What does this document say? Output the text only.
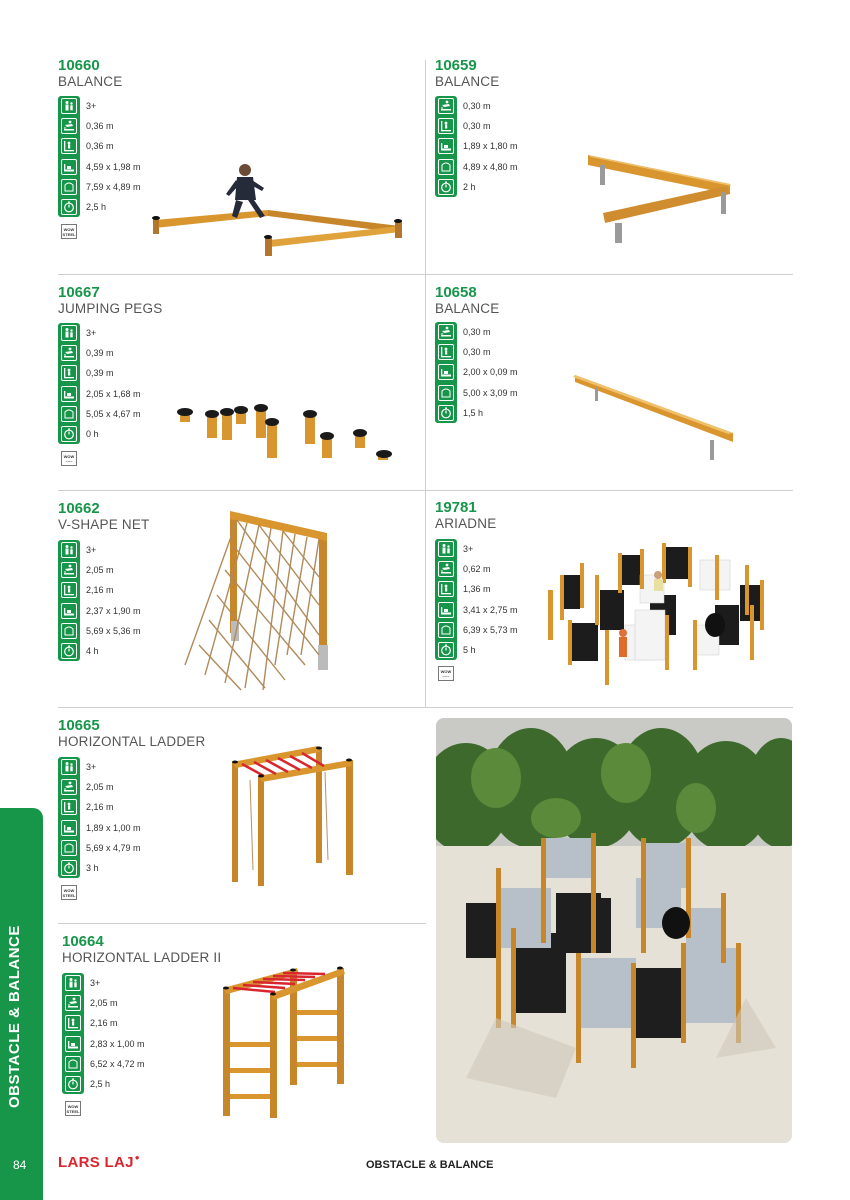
10660
BALANCE
WOW
STEEL
10659
BALANCE
10667
JUMPING PEGS
WOW
~~~
10658
BALANCE
10662
V-SHAPE NET
19781
ARIADNE
WOW
~~~
10665
HORIZONTAL LADDER
WOW
STEEL
10664
HORIZONTAL LADDER II
WOW
STEEL
OBSTACLE & BALANCE
84 LARS LAJ●
OBSTACLE & BALANCE
3+
0,36 m
0,36 m
4,59 x 1,98 m
7,59 x 4,89 m
2,5 h
0,30 m
0,30 m
1,89 x 1,80 m
4,89 x 4,80 m
2 h
3+
0,39 m
0,39 m
2,05 x 1,68 m
5,05 x 4,67 m
0 h
0,30 m
0,30 m
2,00 x 0,09 m
5,00 x 3,09 m
1,5 h
3+
2,05 m
2,16 m
2,37 x 1,90 m
5,69 x 5,36 m
4 h
3+
0,62 m
1,36 m
3,41 x 2,75 m
6,39 x 5,73 m
5 h
3+
2,05 m
2,16 m
1,89 x 1,00 m
5,69 x 4,79 m
3 h
3+
2,05 m
2,16 m
2,83 x 1,00 m
6,52 x 4,72 m
2,5 h
